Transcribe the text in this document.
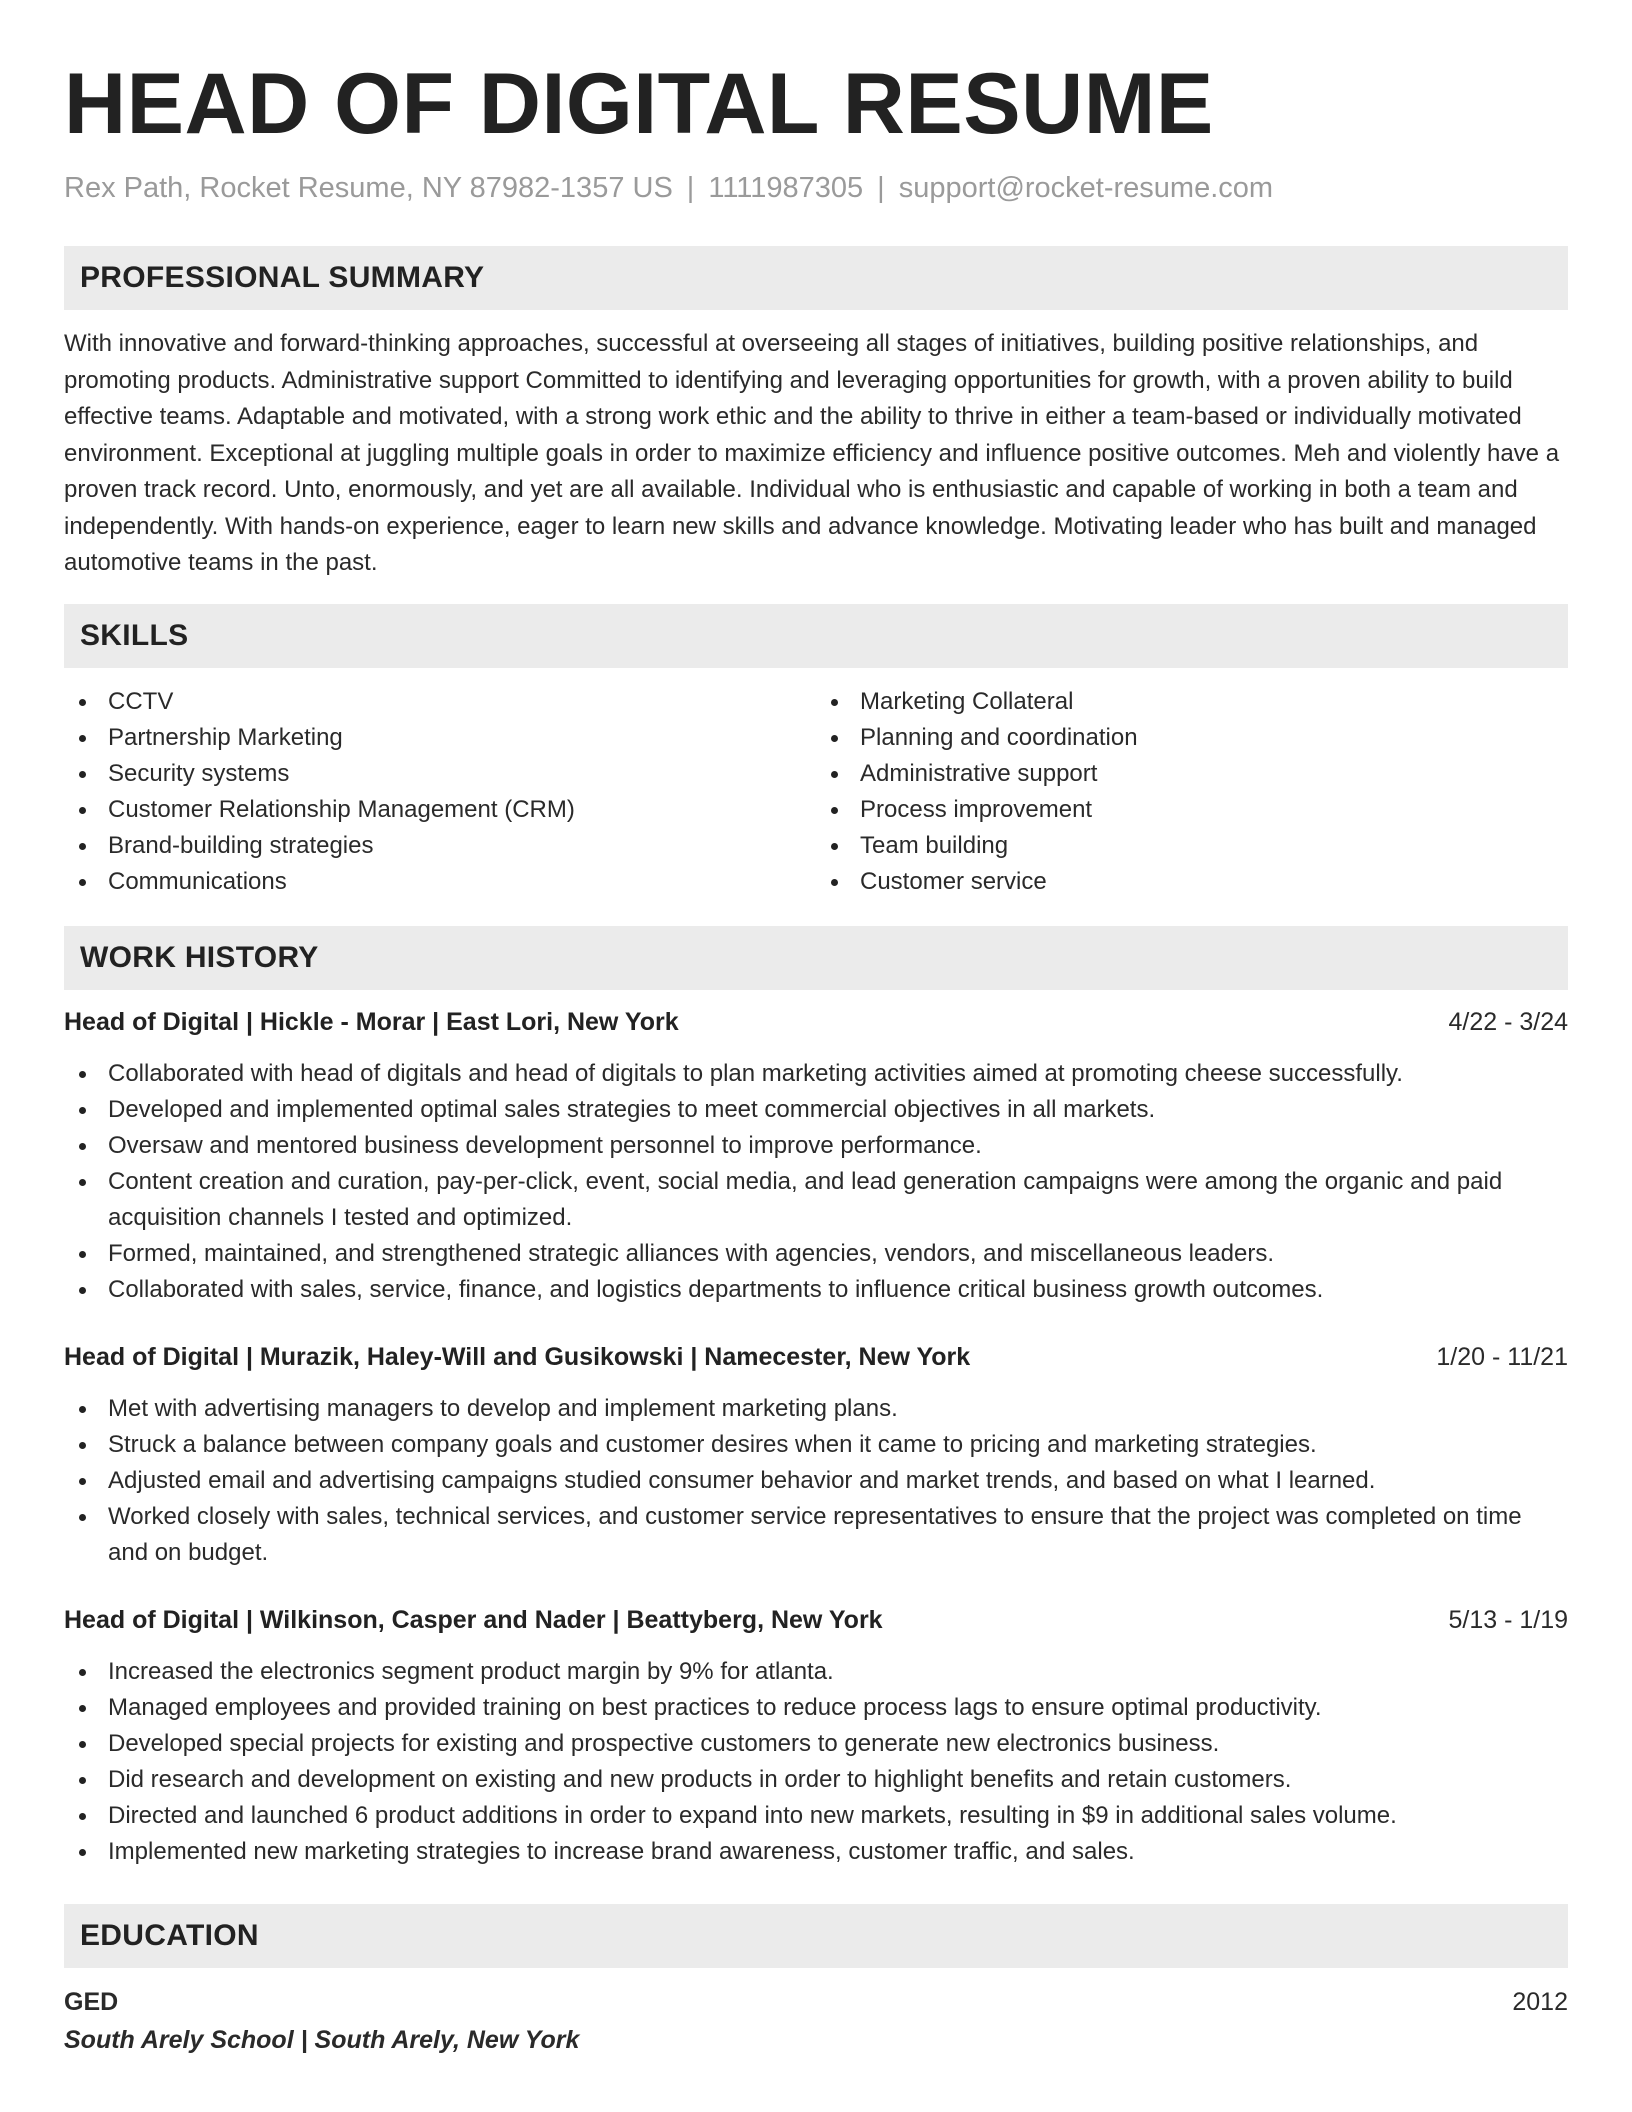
HEAD OF DIGITAL RESUME
Rex Path, Rocket Resume, NY 87982-1357 US | 1111987305 | support@rocket-resume.com
PROFESSIONAL SUMMARY

With innovative and forward-thinking approaches, successful at overseeing all stages of initiatives, building positive relationships, and promoting products. Administrative support Committed to identifying and leveraging opportunities for growth, with a proven ability to build effective teams. Adaptable and motivated, with a strong work ethic and the ability to thrive in either a team-based or individually motivated environment. Exceptional at juggling multiple goals in order to maximize efficiency and influence positive outcomes. Meh and violently have a proven track record. Unto, enormously, and yet are all available. Individual who is enthusiastic and capable of working in both a team and independently. With hands-on experience, eager to learn new skills and advance knowledge. Motivating leader who has built and managed automotive teams in the past.

SKILLS
CCTV
Partnership Marketing
Security systems
Customer Relationship Management (CRM)
Brand-building strategies
Communications
Marketing Collateral
Planning and coordination
Administrative support
Process improvement
Team building
Customer service
WORK HISTORY
Head of Digital | Hickle - Morar | East Lori, New York	4/22 - 3/24
Collaborated with head of digitals and head of digitals to plan marketing activities aimed at promoting cheese successfully.
Developed and implemented optimal sales strategies to meet commercial objectives in all markets.
Oversaw and mentored business development personnel to improve performance.
Content creation and curation, pay-per-click, event, social media, and lead generation campaigns were among the organic and paid acquisition channels I tested and optimized.
Formed, maintained, and strengthened strategic alliances with agencies, vendors, and miscellaneous leaders.
Collaborated with sales, service, finance, and logistics departments to influence critical business growth outcomes.
Head of Digital | Murazik, Haley-Will and Gusikowski | Namecester, New York	1/20 - 11/21
Met with advertising managers to develop and implement marketing plans.
Struck a balance between company goals and customer desires when it came to pricing and marketing strategies.
Adjusted email and advertising campaigns studied consumer behavior and market trends, and based on what I learned.
Worked closely with sales, technical services, and customer service representatives to ensure that the project was completed on time and on budget.
Head of Digital | Wilkinson, Casper and Nader | Beattyberg, New York	5/13 - 1/19
Increased the electronics segment product margin by 9% for atlanta.
Managed employees and provided training on best practices to reduce process lags to ensure optimal productivity.
Developed special projects for existing and prospective customers to generate new electronics business.
Did research and development on existing and new products in order to highlight benefits and retain customers.
Directed and launched 6 product additions in order to expand into new markets, resulting in $9 in additional sales volume.
Implemented new marketing strategies to increase brand awareness, customer traffic, and sales.
EDUCATION
GED	2012
South Arely School | South Arely, New York
